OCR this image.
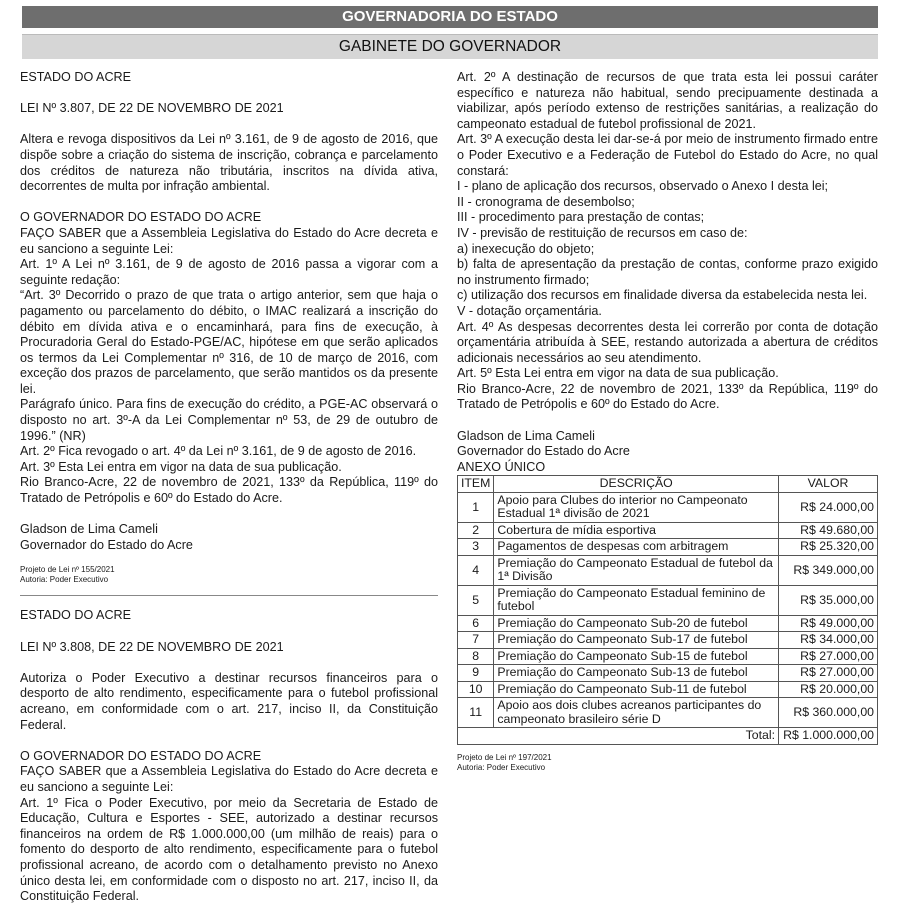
GOVERNADORIA DO ESTADO
GABINETE DO GOVERNADOR

ESTADO DO ACRE

LEI Nº 3.807, DE 22 DE NOVEMBRO DE 2021

Altera e revoga dispositivos da Lei nº 3.161, de 9 de agosto de 2016, que dispõe sobre a criação do sistema de inscrição, cobrança e parcelamento dos créditos de natureza não tributária, inscritos na dívida ativa, decorrentes de multa por infração ambiental.

O GOVERNADOR DO ESTADO DO ACRE

FAÇO SABER que a Assembleia Legislativa do Estado do Acre decreta e eu sanciono a seguinte Lei:

Art. 1º A Lei nº 3.161, de 9 de agosto de 2016 passa a vigorar com a seguinte redação:

“Art. 3º Decorrido o prazo de que trata o artigo anterior, sem que haja o pagamento ou parcelamento do débito, o IMAC realizará a inscrição do débito em dívida ativa e o encaminhará, para fins de execução, à Procuradoria Geral do Estado-PGE/AC, hipótese em que serão aplicados os termos da Lei Complementar nº 316, de 10 de março de 2016, com exceção dos prazos de parcelamento, que serão mantidos os da presente lei.

Parágrafo único. Para fins de execução do crédito, a PGE-AC observará o disposto no art. 3º-A da Lei Complementar nº 53, de 29 de outubro de 1996.” (NR)

Art. 2º Fica revogado o art. 4º da Lei nº 3.161, de 9 de agosto de 2016.

Art. 3º Esta Lei entra em vigor na data de sua publicação.

Rio Branco-Acre, 22 de novembro de 2021, 133º da República, 119º do Tratado de Petrópolis e 60º do Estado do Acre.

Gladson de Lima Cameli

Governador do Estado do Acre

Projeto de Lei nº 155/2021

Autoria: Poder Executivo

ESTADO DO ACRE

LEI Nº 3.808, DE 22 DE NOVEMBRO DE 2021

Autoriza o Poder Executivo a destinar recursos financeiros para o desporto de alto rendimento, especificamente para o futebol profissional acreano, em conformidade com o art. 217, inciso II, da Constituição Federal.

O GOVERNADOR DO ESTADO DO ACRE

FAÇO SABER que a Assembleia Legislativa do Estado do Acre decreta e eu sanciono a seguinte Lei:

Art. 1º Fica o Poder Executivo, por meio da Secretaria de Estado de Educação, Cultura e Esportes - SEE, autorizado a destinar recursos financeiros na ordem de R$ 1.000.000,00 (um milhão de reais) para o fomento do desporto de alto rendimento, especificamente para o futebol profissional acreano, de acordo com o detalhamento previsto no Anexo único desta lei, em conformidade com o disposto no art. 217, inciso II, da Constituição Federal.

Art. 2º A destinação de recursos de que trata esta lei possui caráter específico e natureza não habitual, sendo precipuamente destinada a viabilizar, após período extenso de restrições sanitárias, a realização do campeonato estadual de futebol profissional de 2021.

Art. 3º A execução desta lei dar-se-á por meio de instrumento firmado entre o Poder Executivo e a Federação de Futebol do Estado do Acre, no qual constará:

I - plano de aplicação dos recursos, observado o Anexo I desta lei;

II - cronograma de desembolso;

III - procedimento para prestação de contas;

IV - previsão de restituição de recursos em caso de:

a) inexecução do objeto;

b) falta de apresentação da prestação de contas, conforme prazo exigido no instrumento firmado;

c) utilização dos recursos em finalidade diversa da estabelecida nesta lei.

V - dotação orçamentária.

Art. 4º As despesas decorrentes desta lei correrão por conta de dotação orçamentária atribuída à SEE, restando autorizada a abertura de créditos adicionais necessários ao seu atendimento.

Art. 5º Esta Lei entra em vigor na data de sua publicação.

Rio Branco-Acre, 22 de novembro de 2021, 133º da República, 119º do Tratado de Petrópolis e 60º do Estado do Acre.

Gladson de Lima Cameli

Governador do Estado do Acre

ANEXO ÚNICO

ITEM	DESCRIÇÃO	VALOR
1	Apoio para Clubes do interior no Campeonato Estadual 1ª divisão de 2021	R$ 24.000,00
2	Cobertura de mídia esportiva	R$ 49.680,00
3	Pagamentos de despesas com arbitragem	R$ 25.320,00
4	Premiação do Campeonato Estadual de futebol da 1ª Divisão	R$ 349.000,00
5	Premiação do Campeonato Estadual feminino de futebol	R$ 35.000,00
6	Premiação do Campeonato Sub-20 de futebol	R$ 49.000,00
7	Premiação do Campeonato Sub-17 de futebol	R$ 34.000,00
8	Premiação do Campeonato Sub-15 de futebol	R$ 27.000,00
9	Premiação do Campeonato Sub-13 de futebol	R$ 27.000,00
10	Premiação do Campeonato Sub-11 de futebol	R$ 20.000,00
11	Apoio aos dois clubes acreanos participantes do campeonato brasileiro série D	R$ 360.000,00
Total:		R$ 1.000.000,00

Projeto de Lei nº 197/2021

Autoria: Poder Executivo
